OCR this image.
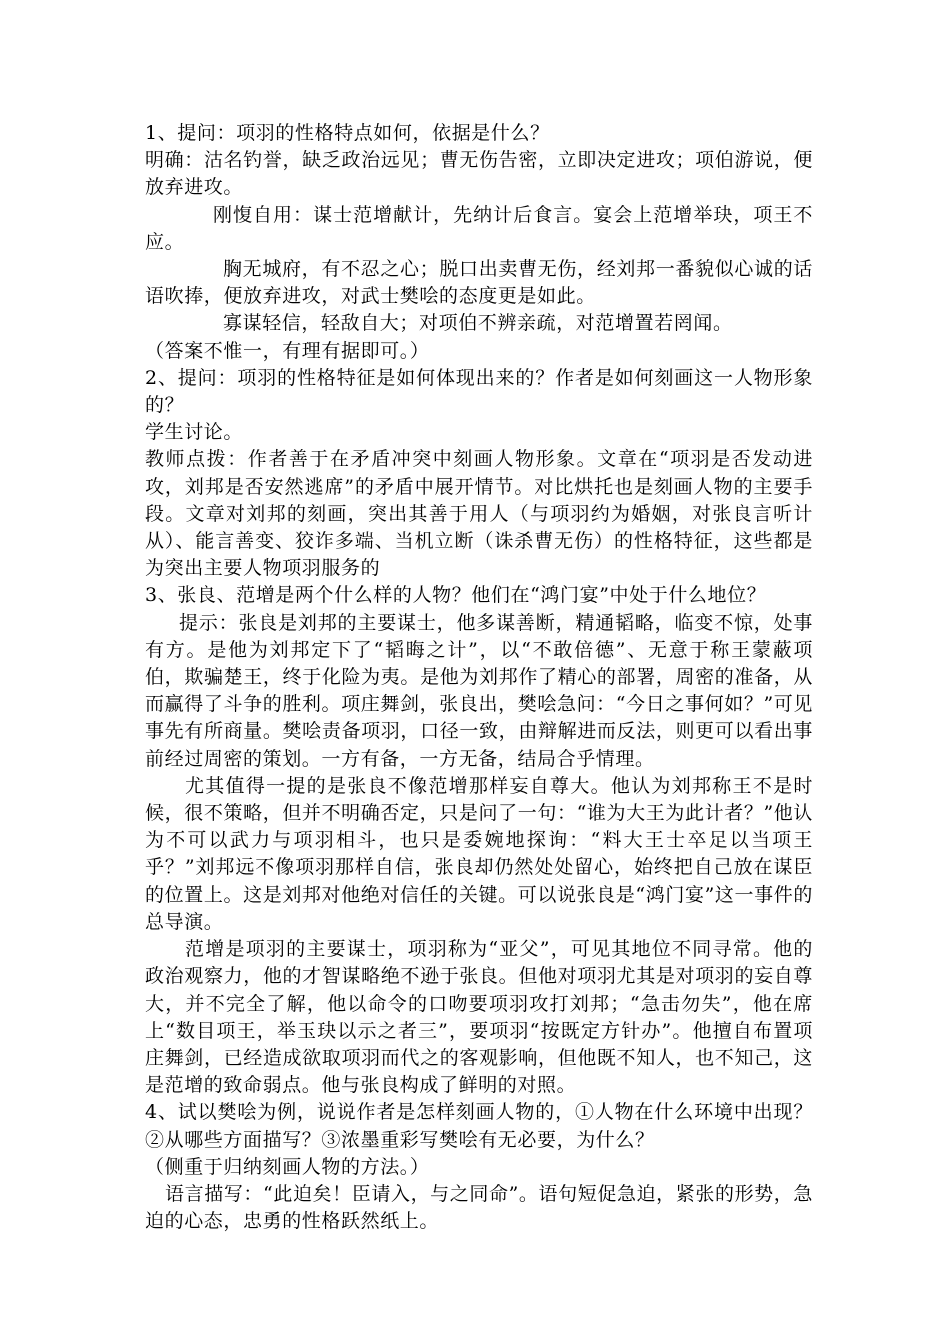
1、提问：项羽的性格特点如何，依据是什么？

明确：沽名钓誉，缺乏政治远见；曹无伤告密，立即决定进攻；项伯游说，便放弃进攻。

刚愎自用：谋士范增献计，先纳计后食言。宴会上范增举玦，项王不应。

胸无城府，有不忍之心；脱口出卖曹无伤，经刘邦一番貌似心诚的话语吹捧，便放弃进攻，对武士樊哙的态度更是如此。

寡谋轻信，轻敌自大；对项伯不辨亲疏，对范增置若罔闻。

（答案不惟一，有理有据即可。）

2、提问：项羽的性格特征是如何体现出来的？作者是如何刻画这一人物形象的？

学生讨论。

教师点拨：作者善于在矛盾冲突中刻画人物形象。文章在“项羽是否发动进攻，刘邦是否安然逃席”的矛盾中展开情节。对比烘托也是刻画人物的主要手段。文章对刘邦的刻画，突出其善于用人（与项羽约为婚姻，对张良言听计从）、能言善变、狡诈多端、当机立断（诛杀曹无伤）的性格特征，这些都是为突出主要人物项羽服务的

3、张良、范增是两个什么样的人物？他们在“鸿门宴”中处于什么地位？

提示：张良是刘邦的主要谋士，他多谋善断，精通韬略，临变不惊，处事有方。是他为刘邦定下了“韬晦之计”，以“不敢倍德”、无意于称王蒙蔽项伯，欺骗楚王，终于化险为夷。是他为刘邦作了精心的部署，周密的准备，从而赢得了斗争的胜利。项庄舞剑，张良出，樊哙急问：“今日之事何如？”可见事先有所商量。樊哙责备项羽，口径一致，由辩解进而反法，则更可以看出事前经过周密的策划。一方有备，一方无备，结局合乎情理。

尤其值得一提的是张良不像范增那样妄自尊大。他认为刘邦称王不是时候，很不策略，但并不明确否定，只是问了一句：“谁为大王为此计者？”他认为不可以武力与项羽相斗，也只是委婉地探询：“料大王士卒足以当项王乎？”刘邦远不像项羽那样自信，张良却仍然处处留心，始终把自己放在谋臣的位置上。这是刘邦对他绝对信任的关键。可以说张良是“鸿门宴”这一事件的总导演。

范增是项羽的主要谋士，项羽称为“亚父”，可见其地位不同寻常。他的政治观察力，他的才智谋略绝不逊于张良。但他对项羽尤其是对项羽的妄自尊大，并不完全了解，他以命令的口吻要项羽攻打刘邦；“急击勿失”，他在席上“数目项王，举玉玦以示之者三”，要项羽“按既定方针办”。他擅自布置项庄舞剑，已经造成欲取项羽而代之的客观影响，但他既不知人，也不知己，这是范增的致命弱点。他与张良构成了鲜明的对照。

4、试以樊哙为例，说说作者是怎样刻画人物的，①人物在什么环境中出现？②从哪些方面描写？③浓墨重彩写樊哙有无必要，为什么？

（侧重于归纳刻画人物的方法。）

语言描写：“此迫矣！臣请入，与之同命”。语句短促急迫，紧张的形势，急迫的心态，忠勇的性格跃然纸上。
